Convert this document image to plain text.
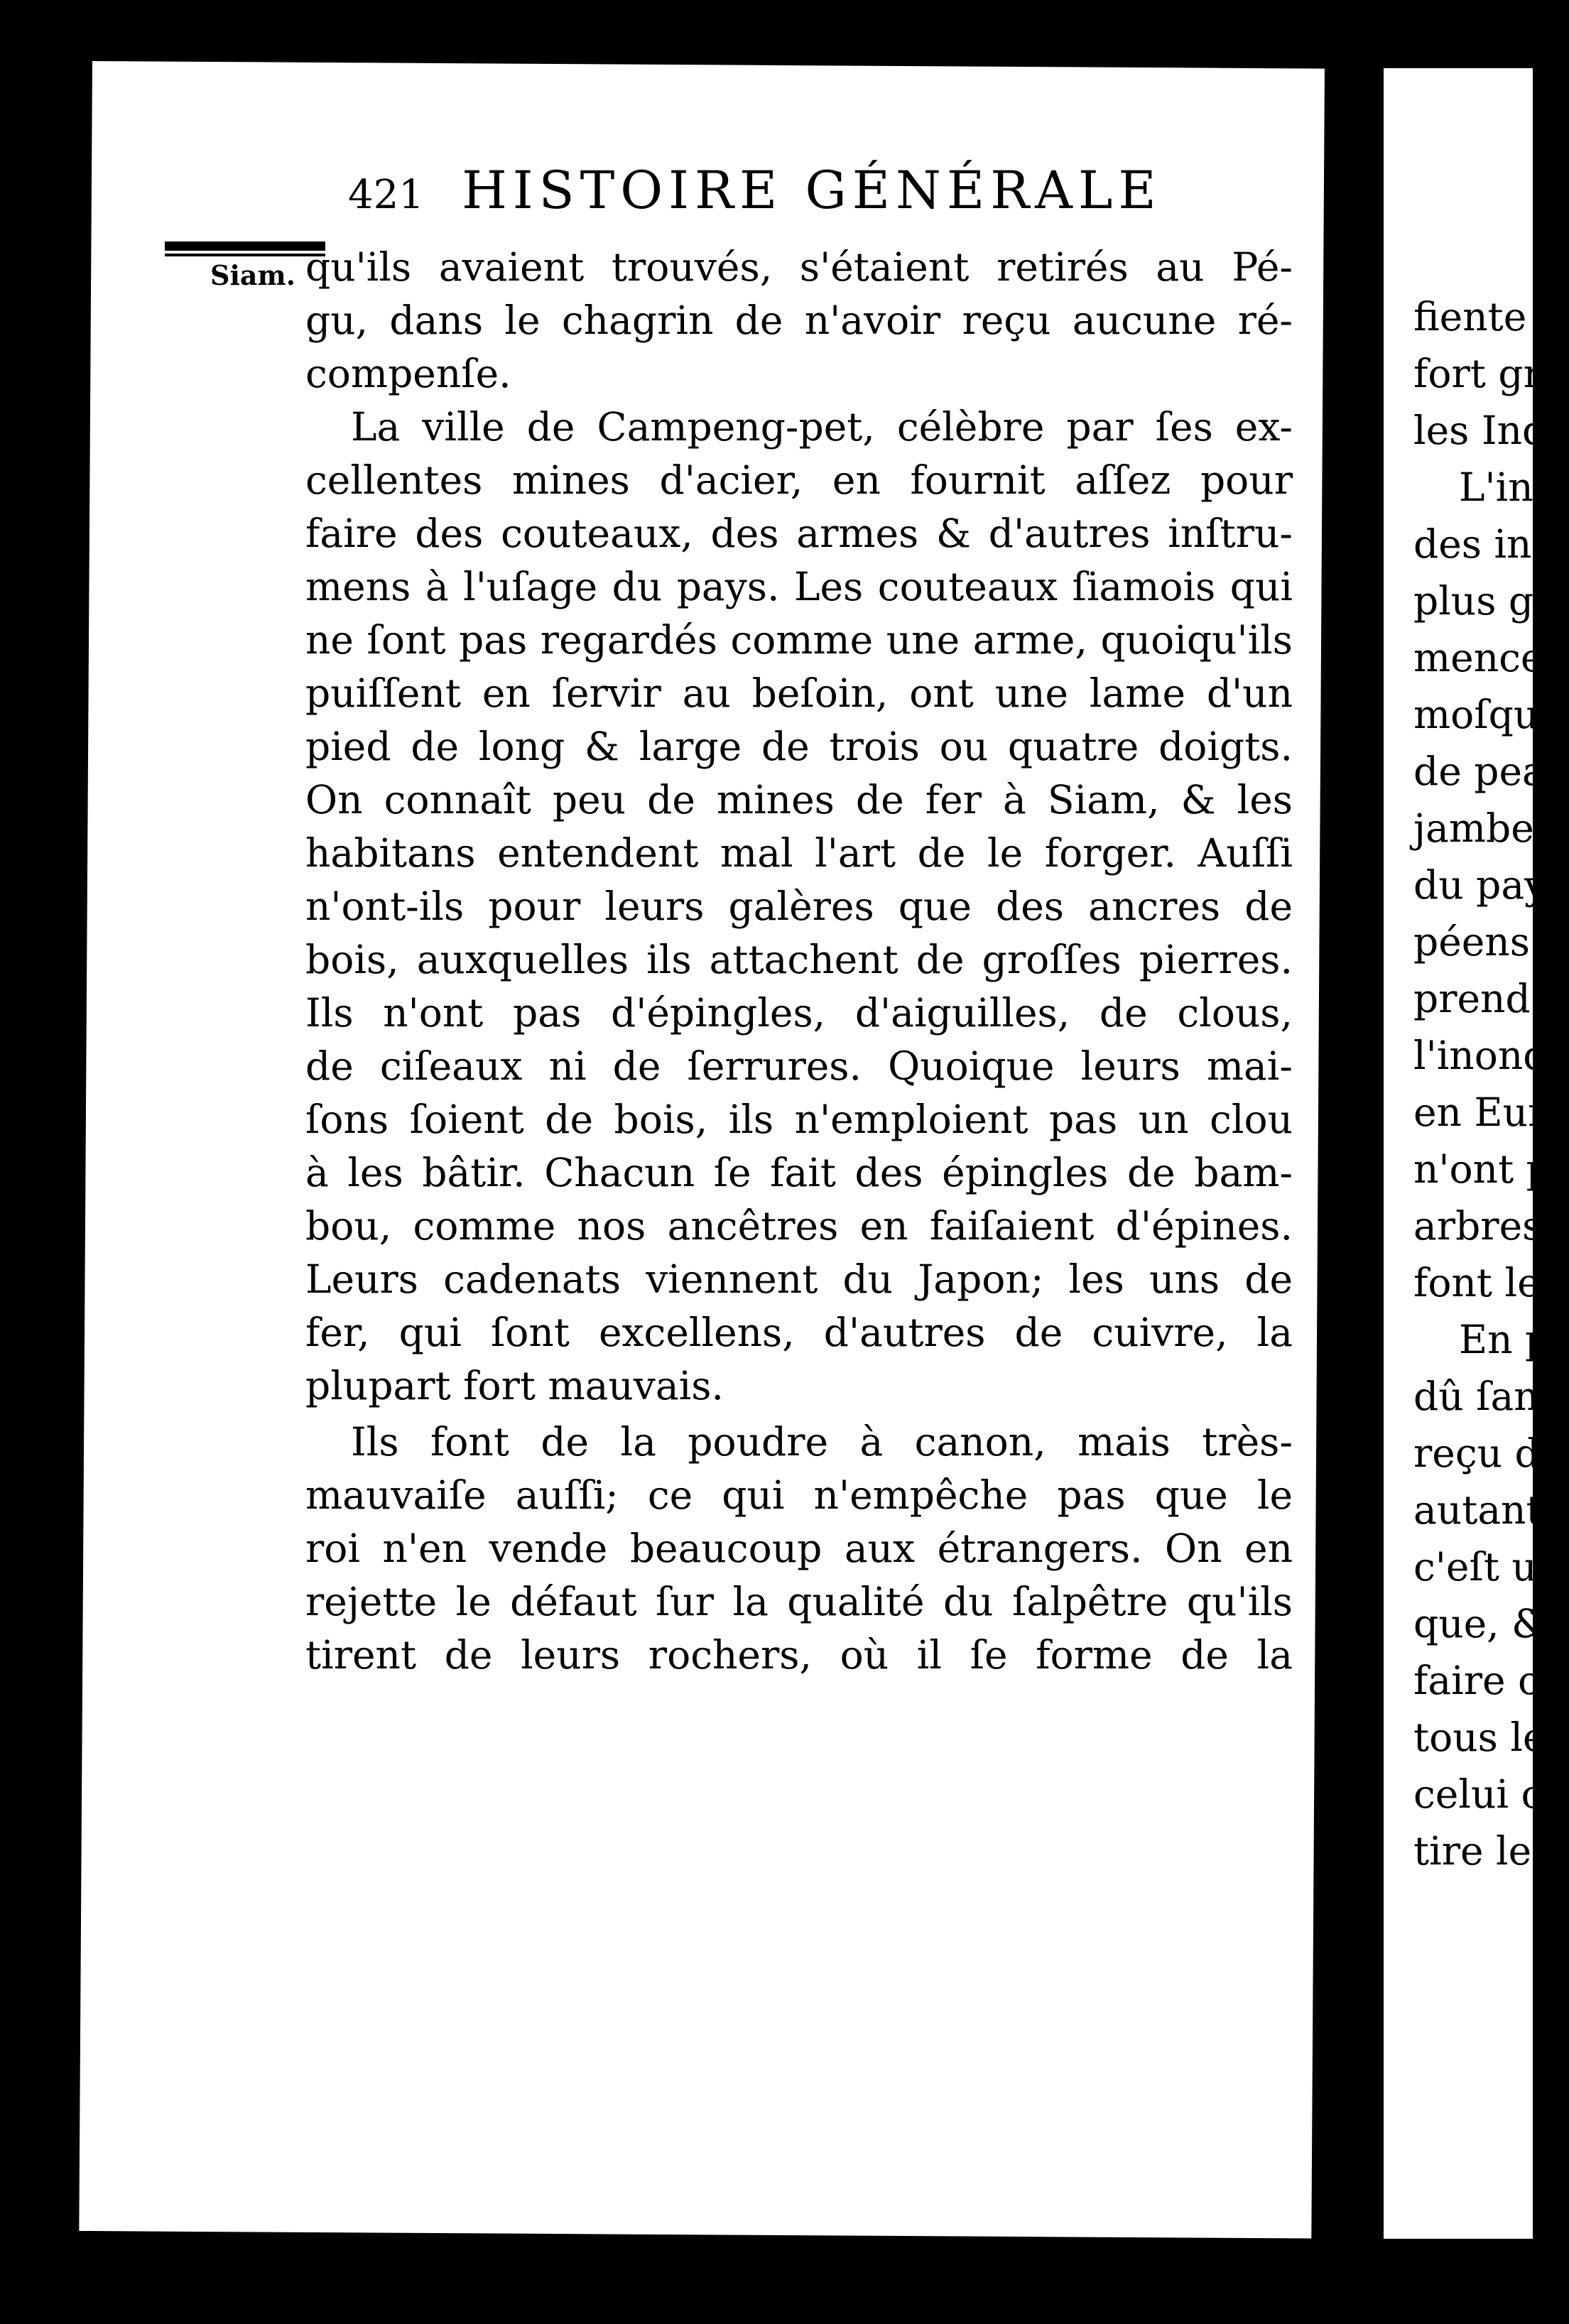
421 HISTOIRE GÉNÉRALE
Siam. qu'ils avaient trouvés, s'étaient retirés au Pé-
gu, dans le chagrin de n'avoir reçu aucune ré-
compenſe.
La ville de Campeng-pet, célèbre par ſes ex-
cellentes mines d'acier, en fournit aſſez pour
faire des couteaux, des armes & d'autres inſtru-
mens à l'uſage du pays. Les couteaux ſiamois qui
ne ſont pas regardés comme une arme, quoiqu'ils
puiſſent en ſervir au beſoin, ont une lame d'un
pied de long & large de trois ou quatre doigts.
On connaît peu de mines de fer à Siam, & les
habitans entendent mal l'art de le forger. Auſſi
n'ont-ils pour leurs galères que des ancres de
bois, auxquelles ils attachent de groſſes pierres.
Ils n'ont pas d'épingles, d'aiguilles, de clous,
de ciſeaux ni de ſerrures. Quoique leurs mai-
ſons ſoient de bois, ils n'emploient pas un clou
à les bâtir. Chacun ſe fait des épingles de bam-
bou, comme nos ancêtres en faiſaient d'épines.
Leurs cadenats viennent du Japon; les uns de
fer, qui ſont excellens, d'autres de cuivre, la
plupart fort mauvais.
Ils font de la poudre à canon, mais très-
mauvaiſe auſſi; ce qui n'empêche pas que le
roi n'en vende beaucoup aux étrangers. On en
rejette le défaut ſur la qualité du ſalpêtre qu'ils
tirent de leurs rochers, où il ſe forme de la
fiente c
fort gr
les Ind
L'in
des inſ
plus gr
mencen
moſqui
de pea
jambes
du pay
péens.
prend a
l'inond
en Eur
n'ont p
arbres.
font le
En p
dû ſan
reçu de
autant
c'eſt un
que, &
faire o
tous le
celui c
tire le
